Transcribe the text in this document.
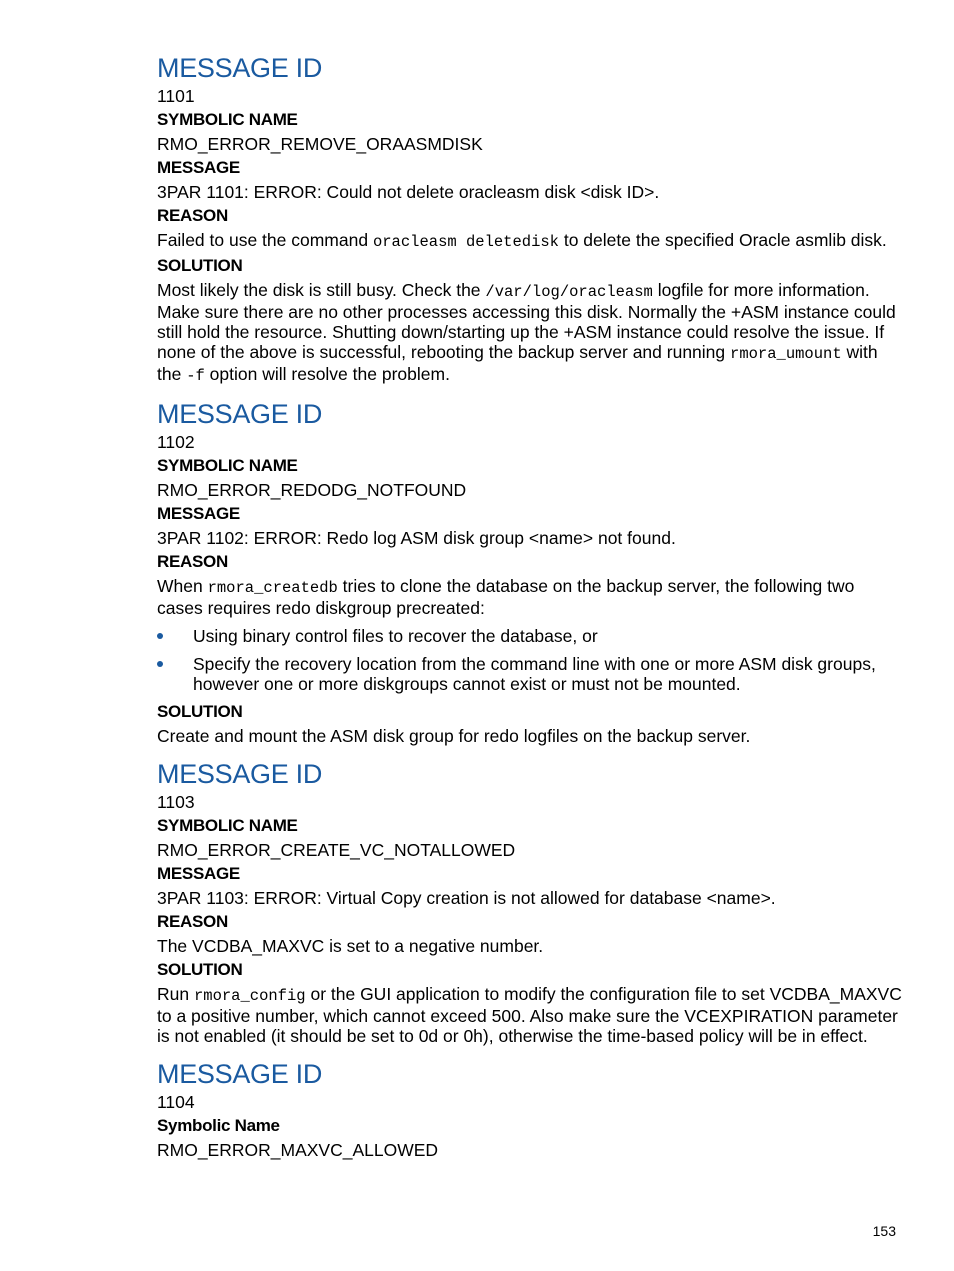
MESSAGE ID

1101

SYMBOLIC NAME

RMO_ERROR_REMOVE_ORAASMDISK

MESSAGE

3PAR 1101: ERROR: Could not delete oracleasm disk <disk ID>.

REASON

Failed to use the command oracleasm deletedisk to delete the specified Oracle asmlib disk.

SOLUTION

Most likely the disk is still busy. Check the /var/log/oracleasm logfile for more information. Make sure there are no other processes accessing this disk. Normally the +ASM instance could still hold the resource. Shutting down/starting up the +ASM instance could resolve the issue. If none of the above is successful, rebooting the backup server and running rmora_umount with the -f option will resolve the problem.

MESSAGE ID

1102

SYMBOLIC NAME

RMO_ERROR_REDODG_NOTFOUND

MESSAGE

3PAR 1102: ERROR: Redo log ASM disk group <name> not found.

REASON

When rmora_createdb tries to clone the database on the backup server, the following two cases requires redo diskgroup precreated:

Using binary control files to recover the database, or
Specify the recovery location from the command line with one or more ASM disk groups, however one or more diskgroups cannot exist or must not be mounted.

SOLUTION

Create and mount the ASM disk group for redo logfiles on the backup server.

MESSAGE ID

1103

SYMBOLIC NAME

RMO_ERROR_CREATE_VC_NOTALLOWED

MESSAGE

3PAR 1103: ERROR: Virtual Copy creation is not allowed for database <name>.

REASON

The VCDBA_MAXVC is set to a negative number.

SOLUTION

Run rmora_config or the GUI application to modify the configuration file to set VCDBA_MAXVC to a positive number, which cannot exceed 500. Also make sure the VCEXPIRATION parameter is not enabled (it should be set to 0d or 0h), otherwise the time-based policy will be in effect.

MESSAGE ID

1104

Symbolic Name

RMO_ERROR_MAXVC_ALLOWED

153
